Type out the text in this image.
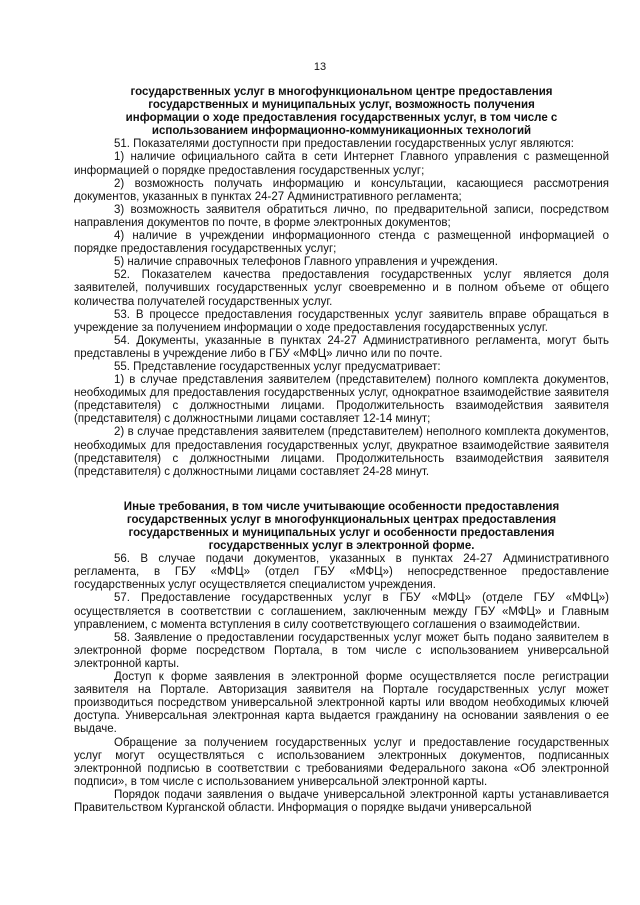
13
государственных услуг в многофункциональном центре предоставления государственных и муниципальных услуг, возможность получения информации о ходе предоставления государственных услуг, в том числе с использованием информационно-коммуникационных технологий

51. Показателями доступности при предоставлении государственных услуг являются:

1) наличие официального сайта в сети Интернет Главного управления с размещенной информацией о порядке предоставления государственных услуг;

2) возможность получать информацию и консультации, касающиеся рассмотрения документов, указанных в пунктах 24-27 Административного регламента;

3) возможность заявителя обратиться лично, по предварительной записи, посредством направления документов по почте, в форме электронных документов;

4) наличие в учреждении информационного стенда с размещенной информацией о порядке предоставления государственных услуг;

5) наличие справочных телефонов Главного управления и учреждения.

52. Показателем качества предоставления государственных услуг является доля заявителей, получивших государственных услуг своевременно и в полном объеме от общего количества получателей государственных услуг.

53. В процессе предоставления государственных услуг заявитель вправе обращаться в учреждение за получением информации о ходе предоставления государственных услуг.

54. Документы, указанные в пунктах 24-27 Административного регламента, могут быть представлены в учреждение либо в ГБУ «МФЦ» лично или по почте.

55. Представление государственных услуг предусматривает:

1) в случае представления заявителем (представителем) полного комплекта документов, необходимых для предоставления государственных услуг, однократное взаимодействие заявителя (представителя) с должностными лицами. Продолжительность взаимодействия заявителя (представителя) с должностными лицами составляет 12-14 минут;

2) в случае представления заявителем (представителем) неполного комплекта документов, необходимых для предоставления государственных услуг, двукратное взаимодействие заявителя (представителя) с должностными лицами. Продолжительность взаимодействия заявителя (представителя) с должностными лицами составляет 24-28 минут.

Иные требования, в том числе учитывающие особенности предоставления государственных услуг в многофункциональных центрах предоставления государственных и муниципальных услуг и особенности предоставления государственных услуг в электронной форме.

56. В случае подачи документов, указанных в пунктах 24-27 Административного регламента, в ГБУ «МФЦ» (отдел ГБУ «МФЦ») непосредственное предоставление государственных услуг осуществляется специалистом учреждения.

57. Предоставление государственных услуг в ГБУ «МФЦ» (отделе ГБУ «МФЦ») осуществляется в соответствии с соглашением, заключенным между ГБУ «МФЦ» и Главным управлением, с момента вступления в силу соответствующего соглашения о взаимодействии.

58. Заявление о предоставлении государственных услуг может быть подано заявителем в электронной форме посредством Портала, в том числе с использованием универсальной электронной карты.

Доступ к форме заявления в электронной форме осуществляется после регистрации заявителя на Портале. Авторизация заявителя на Портале государственных услуг может производиться посредством универсальной электронной карты или вводом необходимых ключей доступа. Универсальная электронная карта выдается гражданину на основании заявления о ее выдаче.

Обращение за получением государственных услуг и предоставление государственных услуг могут осуществляться с использованием электронных документов, подписанных электронной подписью в соответствии с требованиями Федерального закона «Об электронной подписи», в том числе с использованием универсальной электронной карты.

Порядок подачи заявления о выдаче универсальной электронной карты устанавливается Правительством Курганской области. Информация о порядке выдачи универсальной
